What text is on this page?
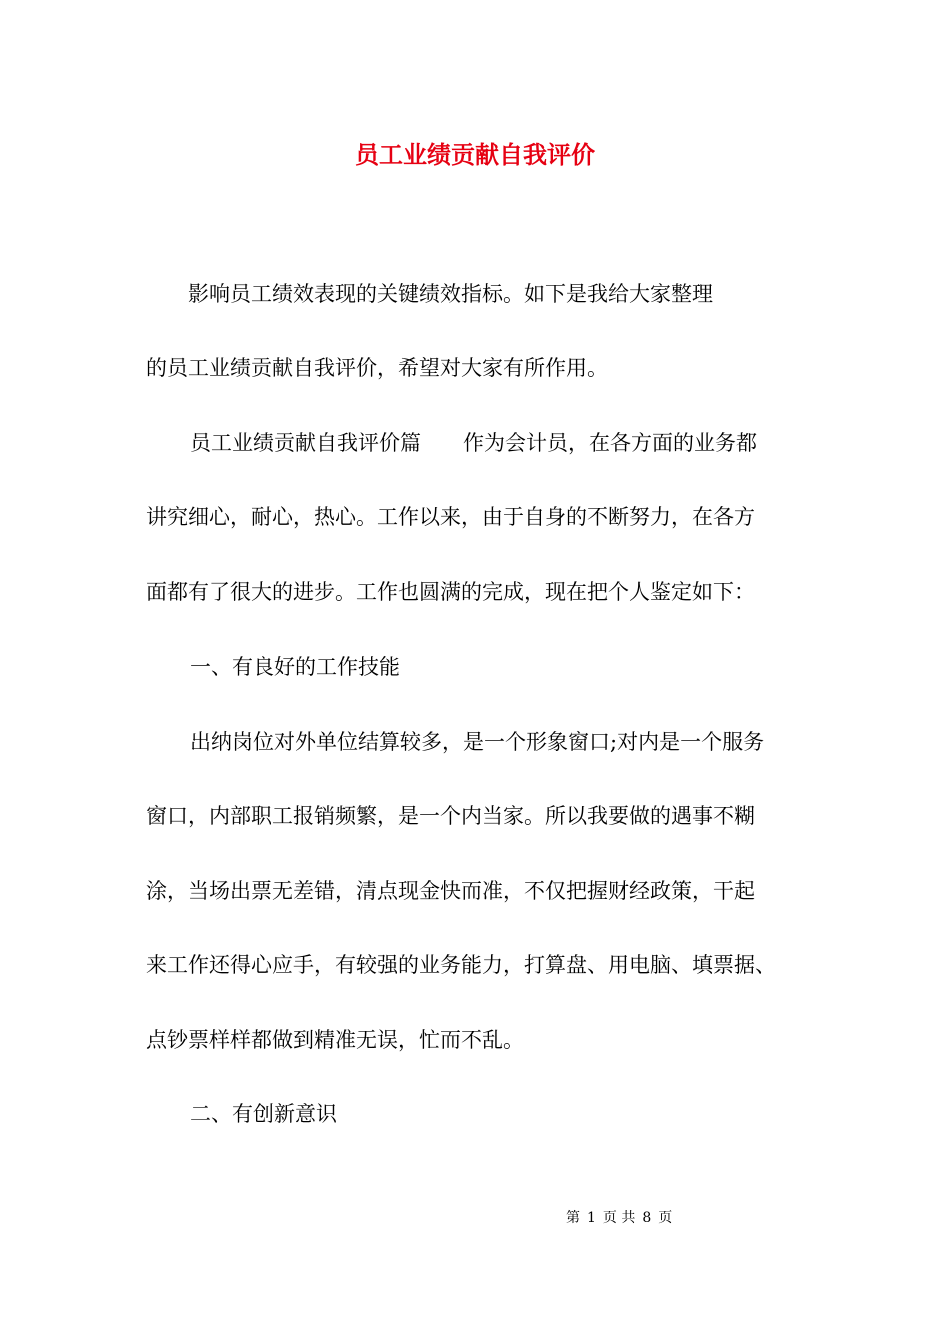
员工业绩贡献自我评价
　　影响员工绩效表现的关键绩效指标。如下是我给大家整理
的员工业绩贡献自我评价，希望对大家有所作用。
员工业绩贡献自我评价篇　　作为会计员，在各方面的业务都
讲究细心，耐心，热心。工作以来，由于自身的不断努力，在各方
面都有了很大的进步。工作也圆满的完成，现在把个人鉴定如下：
一、有良好的工作技能
出纳岗位对外单位结算较多，是一个形象窗口;对内是一个服务
窗口，内部职工报销频繁，是一个内当家。所以我要做的遇事不糊
涂，当场出票无差错，清点现金快而准，不仅把握财经政策，干起
来工作还得心应手，有较强的业务能力，打算盘、用电脑、填票据、
点钞票样样都做到精准无误，忙而不乱。
二、有创新意识
第 1 页 共 8 页
